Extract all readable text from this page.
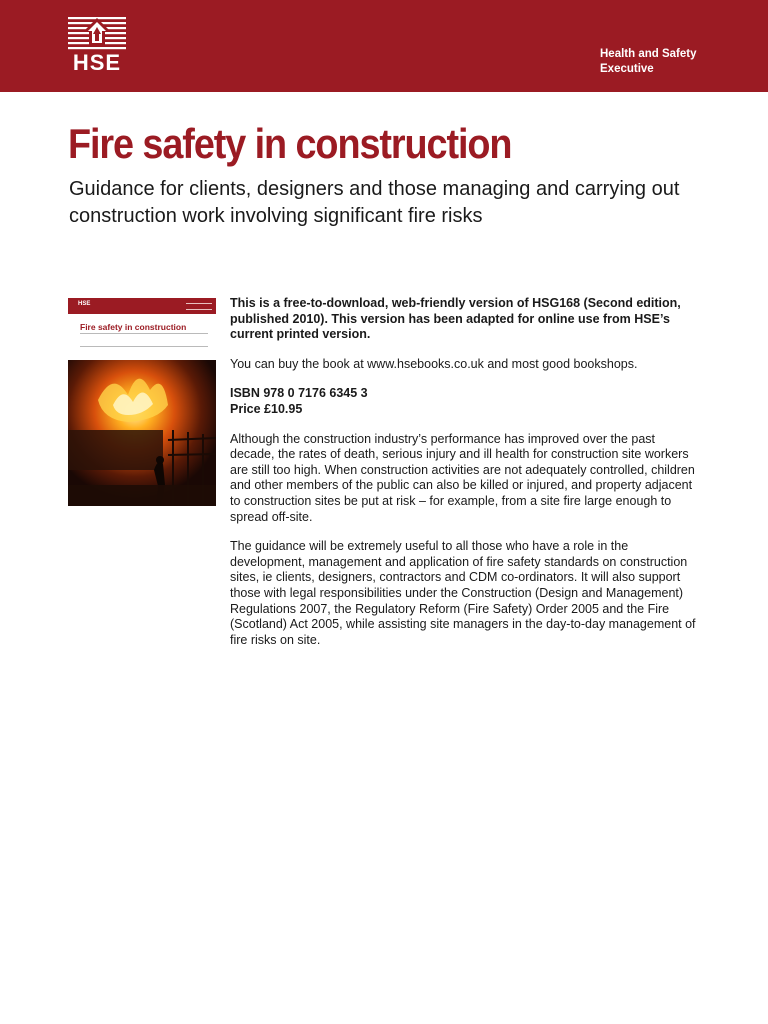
HSE	Health and Safety
Executive
Fire safety in construction
Guidance for clients, designers and those managing and carrying out construction work involving significant fire risks
HSE
Fire safety in construction

This is a free-to-download, web-friendly version of HSG168 (Second edition, published 2010). This version has been adapted for online use from HSE’s current printed version.

You can buy the book at www.hsebooks.co.uk and most good bookshops.

ISBN 978 0 7176 6345 3
Price £10.95

Although the construction industry’s performance has improved over the past decade, the rates of death, serious injury and ill health for construction site workers are still too high. When construction activities are not adequately controlled, children and other members of the public can also be killed or injured, and property adjacent to construction sites be put at risk – for example, from a site fire large enough to spread off-site.

The guidance will be extremely useful to all those who have a role in the development, management and application of fire safety standards on construction sites, ie clients, designers, contractors and CDM co-ordinators. It will also support those with legal responsibilities under the Construction (Design and Management) Regulations 2007, the Regulatory Reform (Fire Safety) Order 2005 and the Fire (Scotland) Act 2005, while assisting site managers in the day-to-day management of fire risks on site.
